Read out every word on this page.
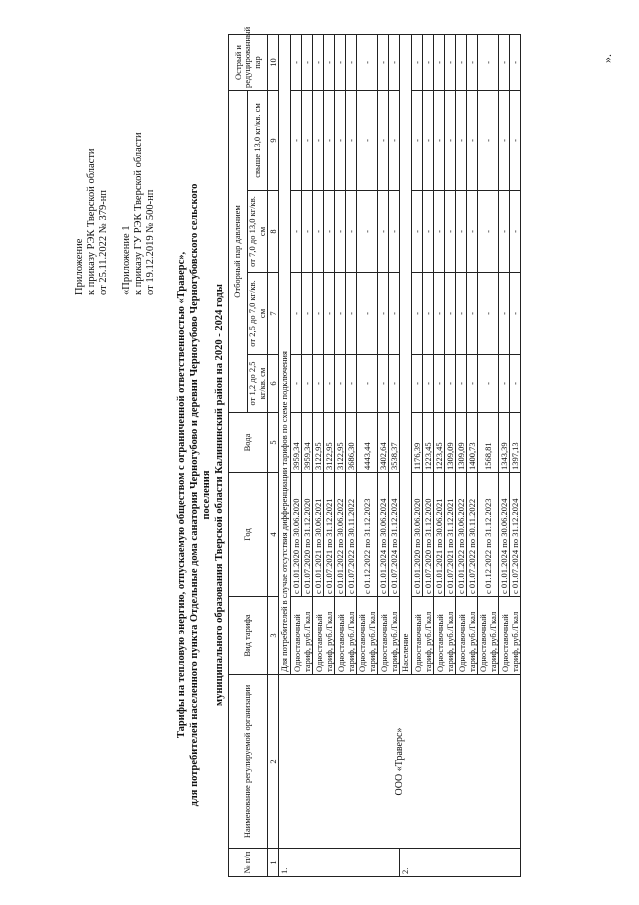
Приложение к приказу РЭК Тверской области от 25.11.2022 № 379-нп «Приложение 1 к приказу ГУ РЭК Тверской области от 19.12.2019 № 500-нп
Тарифы на тепловую энергию, отпускаемую обществом с ограниченной ответственностью «Траверс», для потребителей населенного пункта Отдельные дома санатория Черногубово и деревни Черногубово Черногубовского сельского поселения муниципального образования Тверской области Калининский район на 2020 - 2024 годы
№ п/п	Наименование регулируемой организации	Вид тарифа	Год	Вода	Отборный пар давлением				Острый и редуцированный пар
					от 1,2 до 2,5 кг/кв. см	от 2,5 до 7,0 кг/кв. см	от 7,0 до 13,0 кг/кв. см	свыше 13,0 кг/кв. см	
1	2	3	4	5	6	7	8	9	10
1.	ООО «Траверс»	Для потребителей в случае отсутствия дифференциации тарифов по схеме подключения							
		Одноставочный тариф, руб./Гкал	с 01.01.2020 по 30.06.2020	3959,34	-	-	-	-	-
			с 01.07.2020 по 31.12.2020	3959,34	-	-	-	-	-
		Одноставочный тариф, руб./Гкал	с 01.01.2021 по 30.06.2021	3122,95	-	-	-	-	-
			с 01.07.2021 по 31.12.2021	3122,95	-	-	-	-	-
		Одноставочный тариф, руб./Гкал	с 01.01.2022 по 30.06.2022	3122,95	-	-	-	-	-
			с 01.07.2022 по 30.11.2022	3686,30	-	-	-	-	-
		Одноставочный тариф, руб./Гкал	с 01.12.2022 по 31.12.2023	4443,44	-	-	-	-	-
		Одноставочный тариф, руб./Гкал	с 01.01.2024 по 30.06.2024	3402,64	-	-	-	-	-
			с 01.07.2024 по 31.12.2024	3538,37	-	-	-	-	-
2.		Население							
		Одноставочный тариф, руб./Гкал	с 01.01.2020 по 30.06.2020	1176,39	-	-	-	-	-
			с 01.07.2020 по 31.12.2020	1223,45	-	-	-	-	-
		Одноставочный тариф, руб./Гкал	с 01.01.2021 по 30.06.2021	1223,45	-	-	-	-	-
			с 01.07.2021 по 31.12.2021	1309,09	-	-	-	-	-
		Одноставочный тариф, руб./Гкал	с 01.01.2022 по 30.06.2022	1309,09	-	-	-	-	-
			с 01.07.2022 по 30.11.2022	1400,73	-	-	-	-	-
		Одноставочный тариф, руб./Гкал	с 01.12.2022 по 31.12.2023	1568,81	-	-	-	-	-
		Одноставочный тариф, руб./Гкал	с 01.01.2024 по 30.06.2024	1343,39	-	-	-	-	-
			с 01.07.2024 по 31.12.2024	1397,13	-	-	-	-	-	».
